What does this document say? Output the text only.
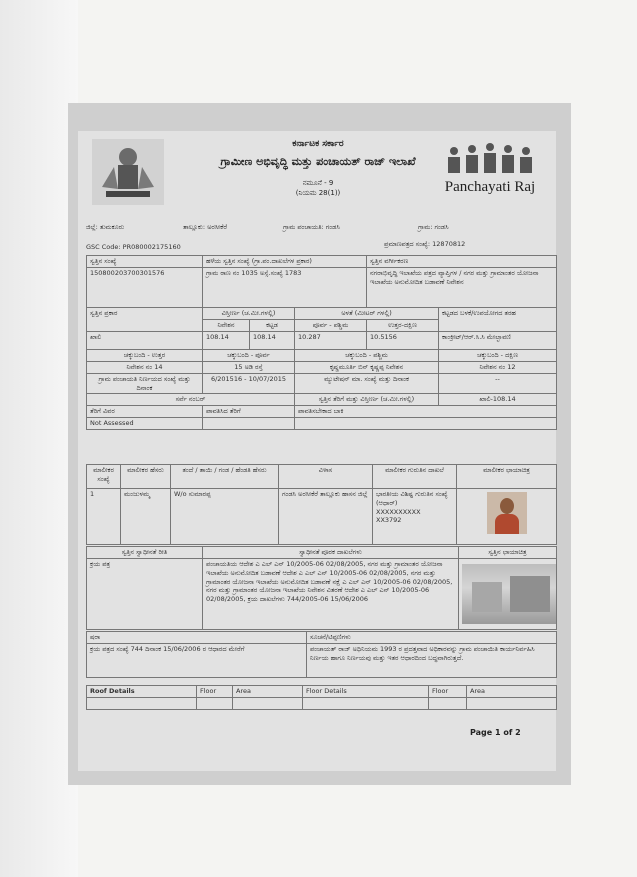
ಕರ್ನಾಟಕ ಸರ್ಕಾರ
ಗ್ರಾಮೀಣ ಅಭಿವೃದ್ಧಿ ಮತ್ತು ಪಂಚಾಯತ್ ರಾಜ್ ಇಲಾಖೆ
ನಮೂನೆ - 9
(ನಿಯಮ 28(1))	Panchayati Raj
ಜಿಲ್ಲೆ: ತುಮಕೂರು	ತಾಲ್ಲೂಕು: ಅರಸೀಕೆರೆ	ಗ್ರಾಮ ಪಂಚಾಯತಿ: ಗಂಡಸಿ	ಗ್ರಾಮ: ಗಂಡಸಿ
GSC Code: PR080002175160	ಪ್ರಮಾಣಪತ್ರದ ಸಂಖ್ಯೆ: 12870812
ಸ್ವತ್ತಿನ ಸಂಖ್ಯೆ	ಹಳೆಯ ಸ್ವತ್ತಿನ ಸಂಖ್ಯೆ (ಗ್ರಾ.ಪಂ.ದಾಖಲೆಗಳ ಪ್ರಕಾರ)			ಸ್ವತ್ತಿನ ವರ್ಗೀಕರಣ	
150800203700301576	ಗ್ರಾಮ ಠಾಣ ನಂ 1035 ಅಸ್ಸೆ.ಸಂಖ್ಯೆ 1783			ನಗರಾಭಿವೃದ್ಧಿ ಇಲಾಖೆಯ ಪತ್ರದ ವ್ಯಾಪ್ತಿಗಳ / ನಗರ ಮತ್ತು ಗ್ರಾಮಾಂತರ ಯೋಜನಾ ಇಲಾಖೆಯ ಅನುಮೋದಿತ ಬಡಾವಣೆ ನಿವೇಶನ	
ಸ್ವತ್ತಿನ ಪ್ರಕಾರ	ವಿಸ್ತೀರ್ಣ (ಚ.ಮೀ.ಗಳಲ್ಲಿ)		ಅಳತೆ (ಮೀಟರ್ ಗಳಲ್ಲಿ)		ಕಟ್ಟಡದ ಬಳಕೆ/ಉಪಯೋಗದ ತರಹ
	ನಿವೇಶನ	ಕಟ್ಟಡ	ಪೂರ್ವ - ಪಶ್ಚಿಮ	ಉತ್ತರ-ದಕ್ಷಿಣ	
ಖಾಲಿ	108.14	108.14	10.287	10.5156	ಕಾಂಕ್ರೀಟ್/ಆರ್.ಸಿ.ಸಿ ಮೇಲ್ಛಾವಣಿ
ಚಕ್ಕುಬಂದಿ - ಉತ್ತರ	ಚಕ್ಕುಬಂದಿ - ಪೂರ್ವ		ಚಕ್ಕುಬಂದಿ - ಪಶ್ಚಿಮ		ಚಕ್ಕುಬಂದಿ - ದಕ್ಷಿಣ
ನಿವೇಶನ ನಂ 14	15 ಅಡಿ ರಸ್ತೆ		ಕೃಷ್ಣಮೂರ್ತಿ ಬಿನ್ ಕೃಷ್ಣಪ್ಪ ನಿವೇಶನ		ನಿವೇಶನ ನಂ 12
ಗ್ರಾಮ ಪಂಚಾಯತಿ ನಿರ್ಣಯದ ಸಂಖ್ಯೆ ಮತ್ತು ದಿನಾಂಕ	6/201516 - 10/07/2015		ಮ್ಯುಟೇಷನ್ ಮಾ. ಸಂಖ್ಯೆ ಮತ್ತು ದಿನಾಂಕ		--
ಸರ್ವೆ ನಂಬರ್			ಸ್ವತ್ತಿನ ತೆರಿಗೆ ಮತ್ತು ವಿಸ್ತೀರ್ಣ (ಚ.ಮೀ.ಗಳಲ್ಲಿ)		ಖಾಲಿ-108.14
ತೆರಿಗೆ ವಿವರ	ಪಾವತಿಸಿದ ತೆರಿಗೆ		ಪಾವತಿಸಬೇಕಾದ ಬಾಕಿ		
Not Assessed					
ಮಾಲೀಕರ ಸಂಖ್ಯೆ	ಮಾಲೀಕರ ಹೆಸರು	ತಂದೆ / ತಾಯಿ / ಗಂಡ / ಹೆಂಡತಿ ಹೆಸರು	ವಿಳಾಸ	ಮಾಲೀಕರ ಗುರುತಿನ ದಾಖಲೆ	ಮಾಲೀಕರ ಛಾಯಾಚಿತ್ರ
1	ಮಂಜುಳಮ್ಮ	W/o ಸುಮಾರಪ್ಪ	ಗಂಡಸಿ ಅರಸೀಕೆರೆ ತಾಲ್ಲೂಕು ಹಾಸನ ಜಿಲ್ಲೆ	ಭಾರತೀಯ ವಿಶಿಷ್ಟ ಗುರುತಿನ ಸಂಖ್ಯೆ (ಆಧಾರ್)
XXXXXXXXXX
XX3792	

ಸ್ವತ್ತಿನ ಸ್ವಾಧೀನತೆ ರೀತಿ	ಸ್ವಾಧೀನತೆ ಪೂರಕ ದಾಖಲೆಗಳು	ಸ್ವತ್ತಿನ ಛಾಯಾಚಿತ್ರ
ಕ್ರಯ ಪತ್ರ	ಪಂಚಾಯತಿಯ ಆದೇಶ ಎ ಎಲ್ ಎನ್ 10/2005-06 02/08/2005, ನಗರ ಮತ್ತು ಗ್ರಾಮಾಂತರ ಯೋಜನಾ ಇಲಾಖೆಯ ಅನುಮೋದಿತ ಬಡಾವಣೆ ಆದೇಶ ಎ ಎಲ್ ಎನ್ 10/2005-06 02/08/2005, ನಗರ ಮತ್ತು ಗ್ರಾಮಾಂತರ ಯೋಜನಾ ಇಲಾಖೆಯ ಅನುಮೋದಿತ ಬಡಾವಣೆ ನಕ್ಷೆ ಎ ಎಲ್ ಎನ್ 10/2005-06 02/08/2005, ನಗರ ಮತ್ತು ಗ್ರಾಮಾಂತರ ಯೋಜನಾ ಇಲಾಖೆಯ ನಿವೇಶನ ವಿತರಣೆ ಆದೇಶ ಎ ಎಲ್ ಎನ್ 10/2005-06 02/08/2005, ಕ್ರಯ ದಾಖಲೆಗಳು 744/2005-06 15/06/2006	
ಷರಾ	ಸೂಚನೆ/ಟಿಪ್ಪಣಿಗಳು
ಕ್ರಯ ಪತ್ರದ ಸಂಖ್ಯೆ 744 ದಿನಾಂಕ 15/06/2006 ರ ಆಧಾರದ ಮೇರೆಗೆ	ಪಂಚಾಯತ್ ರಾಜ್ ಅಧಿನಿಯಮ 1993 ರ ಪ್ರದತ್ತವಾದ ಅಧಿಕಾರವನ್ನು ಗ್ರಾಮ ಪಂಚಾಯಿತಿ ಕಾರ್ಯನಿರ್ವಹಿಸಿ ನಿರ್ಣಯ ಹಾಗೂ ನಿರ್ಣಯವು ಮತ್ತು ಇತರ ಆಧಾರದಿಂದ ಬದ್ಧವಾಗಿರುತ್ತದೆ.
Roof Details	Floor	Area	Floor Details	Floor	Area

Page 1 of 2
